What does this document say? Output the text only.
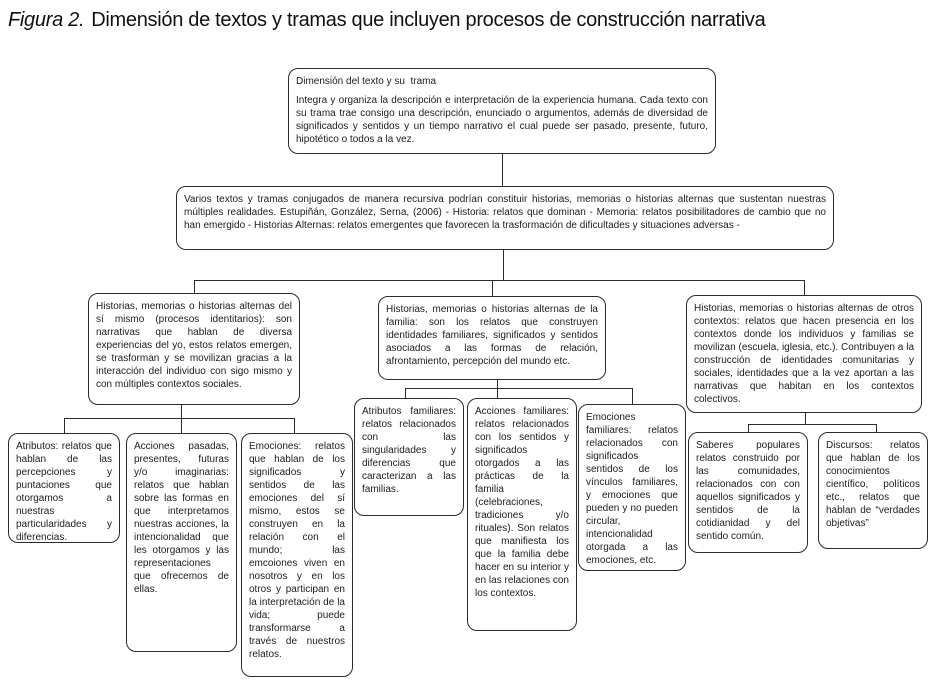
Figura 2. Dimensión de textos y tramas que incluyen procesos de construcción narrativa
Dimensión del texto y su  trama
Integra y organiza la descripción e interpretación de la experiencia humana. Cada texto con su trama trae consigo una descripción, enunciado o argumentos, además de diversidad de significados y sentidos y un tiempo narrativo el cual puede ser pasado, presente, futuro, hipotético o todos a la vez.
Varios textos y tramas conjugados de manera recursiva podrían constituir historias, memorias o historias alternas que sustentan nuestras múltiples realidades. Estupiñán, González, Serna, (2006) - Historia: relatos que dominan - Memoria: relatos posibilitadores de cambio que no han emergido - Historias Alternas: relatos emergentes que favorecen la trasformación de dificultades y situaciones adversas -
Historias, memorias o historias alternas del sí mismo (procesos identitarios): son narrativas que hablan de diversa experiencias del yo, estos relatos emergen, se trasforman y se movilizan gracias a la interacción del individuo con sigo mismo y con múltiples contextos sociales.
Historias, memorias o historias alternas de la familia: son los relatos que construyen identidades familiares, significados y sentidos asociados a las formas de relación, afrontamiento, percepción del mundo etc.
Historias, memorias o historias alternas de otros contextos: relatos que hacen presencia en los contextos donde los individuos y familias se movilizan (escuela, iglesia, etc.). Contribuyen a la construcción de identidades comunitarias y sociales, identidades que a la vez aportan a las narrativas que habitan en los contextos colectivos.
Atributos: relatos que hablan de las percepciones y puntaciones que otorgamos a nuestras particularidades y diferencias.
Acciones pasadas, presentes, futuras y/o imaginarias: relatos que hablan sobre las formas en que interpretamos nuestras acciones, la intencionalidad que les otorgamos y las representaciones que ofrecemos de ellas.
Emociones: relatos que hablan de los significados y sentidos de las emociones del sí mismo, estos se construyen en la relación con el mundo; las emcoiones viven en nosotros y en los otros y participan en la interpretación de la vida; puede transformarse a través de nuestros relatos.
Atributos familiares: relatos relacionados con las singularidades y diferencias que caracterizan a las familias.
Acciones familiares: relatos relacionados con los sentidos y significados otorgados a las prácticas de la familia (celebraciones, tradiciones y/o rituales). Son relatos que manifiesta los que la familia debe hacer en su interior y en las relaciones con los contextos.
Emociones familiares: relatos relacionados con significados sentidos de los vínculos familiares, y emociones que pueden y no pueden circular, intencionalidad otorgada a las emociones, etc.
Saberes populares relatos construido por las comunidades, relacionados con con aquellos significados y sentidos de la cotidianidad y del sentido común.
Discursos: relatos que hablan de los conocimientos científico, políticos etc., relatos que hablan de “verdades objetivas”
